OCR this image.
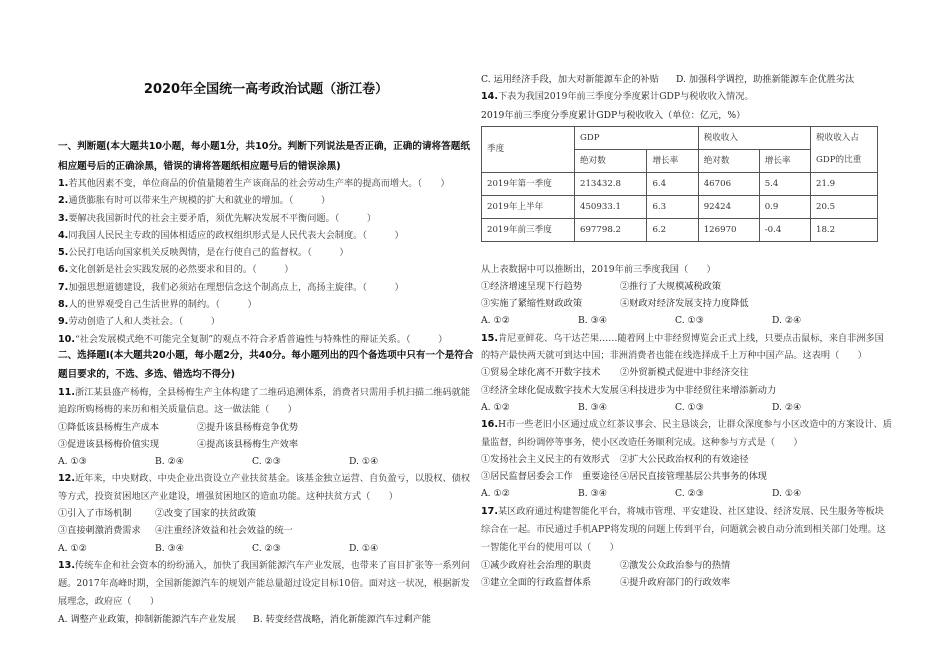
2020年全国统一高考政治试题（浙江卷）
一、判断题(本大题共10小题，每小题1分，共10分。判断下列说法是否正确，正确的请将答题纸相应题号后的正确涂黑，错误的请将答题纸相应题号后的错误涂黑)
1.若其他因素不变，单位商品的价值量随着生产该商品的社会劳动生产率的提高而增大。（　　）
2.通货膨胀有时可以带来生产规模的扩大和就业的增加。（　　　）
3.要解决我国新时代的社会主要矛盾，须优先解决发展不平衡问题。（　　　）
4.同我国人民民主专政的国体相适应的政权组织形式是人民代表大会制度。（　　　）
5.公民打电话向国家机关反映舆情，是在行使自己的监督权。（　　　）
6.文化创新是社会实践发展的必然要求和目的。（　　　）
7.加强思想道德建设，我们必须站在理想信念这个制高点上，高扬主旋律。（　　　）
8.人的世界观受自己生活世界的制约。（　　　）
9.劳动创造了人和人类社会。（　　　）
10.“社会发展模式绝不可能完全复制”的观点不符合矛盾普遍性与特殊性的辩证关系。（　　　）
二、选择题Ⅰ(本大题共20小题，每小题2分，共40分。每小题列出的四个备选项中只有一个是符合题目要求的，不选、多选、错选均不得分)
11.浙江某县盛产杨梅，全县杨梅生产主体构建了二维码追溯体系，消费者只需用手机扫描二维码就能追踪所购杨梅的来历和相关质量信息。这一做法能（　　）
①降低该县杨梅生产成本	②提升该县杨梅竞争优势
③促进该县杨梅价值实现	④提高该县杨梅生产效率
A. ①③	B. ②④	C. ②③	D. ①④
12.近年来，中央财政、中央企业出资设立产业扶贫基金。该基金独立运营、自负盈亏，以股权、债权等方式，投资贫困地区产业建设，增强贫困地区的造血功能。这种扶贫方式（　　）
①引入了市场机制	②改变了国家的扶贫政策
③直接刺激消费需求	④注重经济效益和社会效益的统一
A. ①②	B. ③④	C. ②③	D. ①④
13.传统车企和社会资本的纷纷涌入，加快了我国新能源汽车产业发展，也带来了盲目扩张等一系列问题。2017年高峰时期，全国新能源汽车的规划产能总量超过设定目标10倍。面对这一状况，根据新发展理念，政府应（　　）
A. 调整产业政策，抑制新能源汽车产业发展	B. 转变经营战略，消化新能源汽车过剩产能
C. 运用经济手段，加大对新能源车企的补贴	D. 加强科学调控，助推新能源车企优胜劣汰
14.下表为我国2019年前三季度分季度累计GDP与税收收入情况。
2019年前三季度分季度累计GDP与税收收入（单位：亿元，%）
季度	GDP		税收收入		税收收入占GDP的比重
	绝对数	增长率	绝对数	增长率	
2019年第一季度	213432.8	6.4	46706	5.4	21.9
2019年上半年	450933.1	6.3	92424	0.9	20.5
2019年前三季度	697798.2	6.2	126970	-0.4	18.2
从上表数据中可以推断出，2019年前三季度我国（　　）
①经济增速呈现下行趋势	②推行了大规模减税政策
③实施了紧缩性财政政策	④财政对经济发展支持力度降低
A. ①②	B. ③④	C. ①③	D. ②④
15.肯尼亚鲜花、乌干达芒果……随着网上中非经贸博览会正式上线，只要点击鼠标，来自非洲多国的特产最快两天就可到达中国；非洲消费者也能在线选择成千上万种中国产品。这表明（　　）
①贸易全球化离不开数字技术	②外贸新模式促进中非经济交往
③经济全球化促成数字技术大发展 ④科技进步为中非经贸往来增添新动力
A. ①②	B. ③④	C. ①③	D. ②④
16.H市一些老旧小区通过成立红茶议事会、民主恳谈会，让群众深度参与小区改造中的方案设计、质量监督，纠纷调停等事务，使小区改造任务顺利完成。这种参与方式是（　　）
①发扬社会主义民主的有效形式	②扩大公民政治权利的有效途径
③居民监督居委会工作　重要途径 ④居民直接管理基层公共事务的体现
A. ①②	B. ③④	C. ②③	D. ①④
17.某区政府通过构建智能化平台，将城市管理、平安建设、社区建设、经济发展、民生服务等板块综合在一起。市民通过手机APP将发现的问题上传到平台，问题就会被自动分流到相关部门处理。这一智能化平台的使用可以（　　）
①减少政府社会治理的职责	②激发公众政治参与的热情
③建立全面的行政监督体系	④提升政府部门的行政效率
